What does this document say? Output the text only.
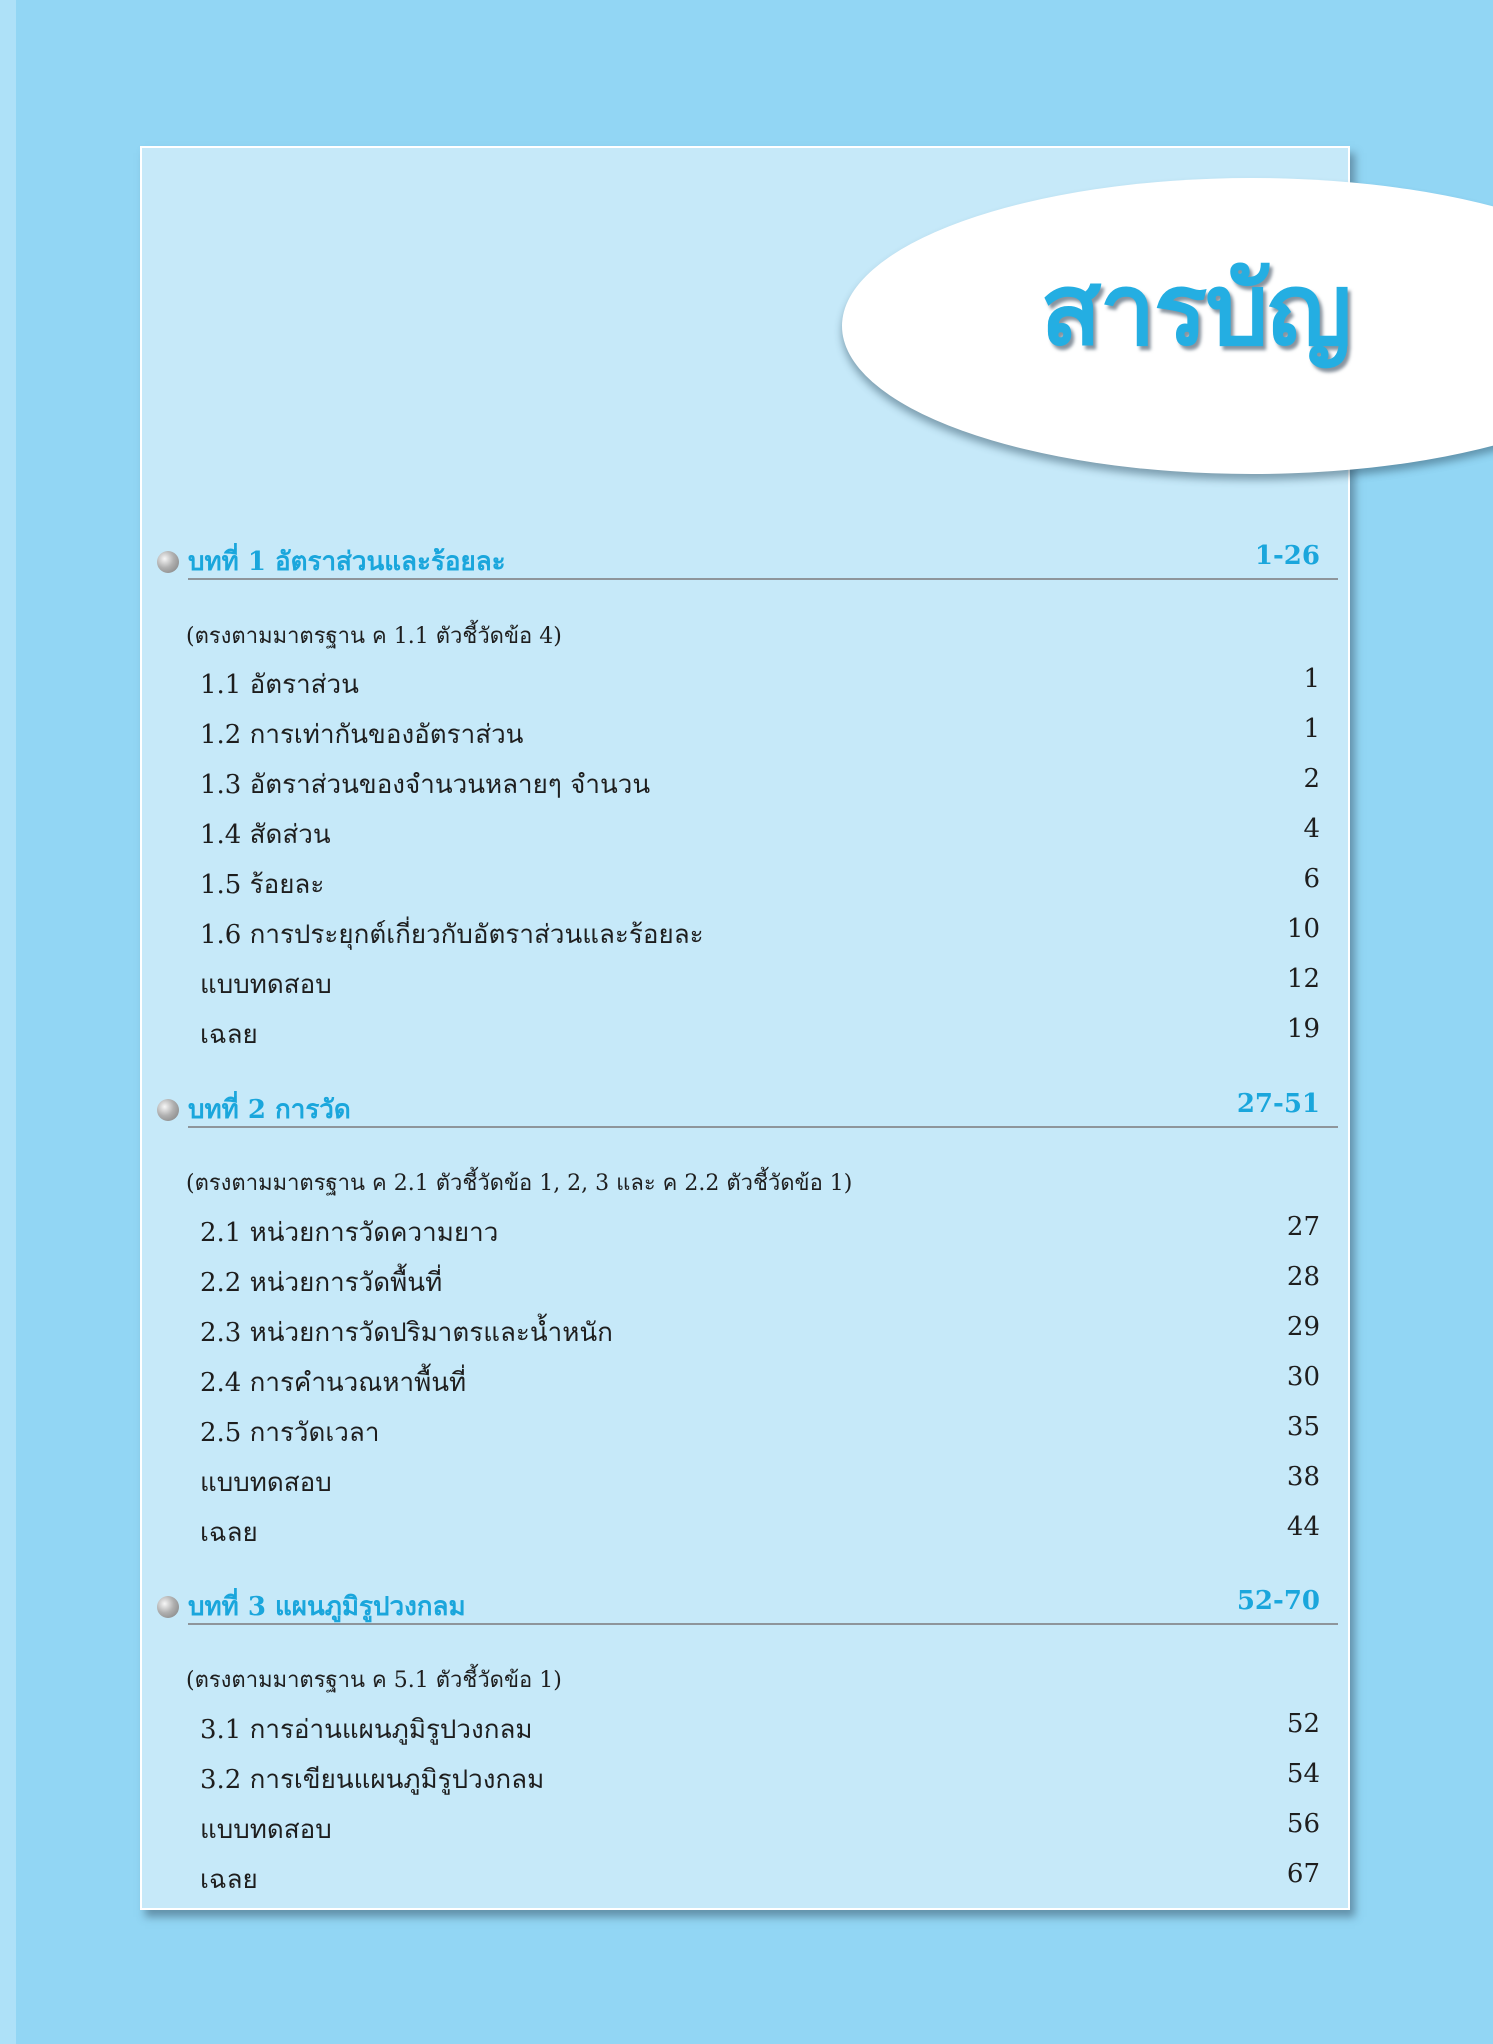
สารบัญ
บทที่ 1 อัตราส่วนและร้อยละ	1-26
(ตรงตามมาตรฐาน ค 1.1 ตัวชี้วัดข้อ 4)
1.1 อัตราส่วน	1
1.2 การเท่ากันของอัตราส่วน	1
1.3 อัตราส่วนของจำนวนหลายๆ จำนวน	2
1.4 สัดส่วน	4
1.5 ร้อยละ	6
1.6 การประยุกต์เกี่ยวกับอัตราส่วนและร้อยละ	10
แบบทดสอบ	12
เฉลย	19
บทที่ 2 การวัด	27-51
(ตรงตามมาตรฐาน ค 2.1 ตัวชี้วัดข้อ 1, 2, 3 และ ค 2.2 ตัวชี้วัดข้อ 1)
2.1 หน่วยการวัดความยาว	27
2.2 หน่วยการวัดพื้นที่	28
2.3 หน่วยการวัดปริมาตรและน้ำหนัก	29
2.4 การคำนวณหาพื้นที่	30
2.5 การวัดเวลา	35
แบบทดสอบ	38
เฉลย	44
บทที่ 3 แผนภูมิรูปวงกลม	52-70
(ตรงตามมาตรฐาน ค 5.1 ตัวชี้วัดข้อ 1)
3.1 การอ่านแผนภูมิรูปวงกลม	52
3.2 การเขียนแผนภูมิรูปวงกลม	54
แบบทดสอบ	56
เฉลย	67
